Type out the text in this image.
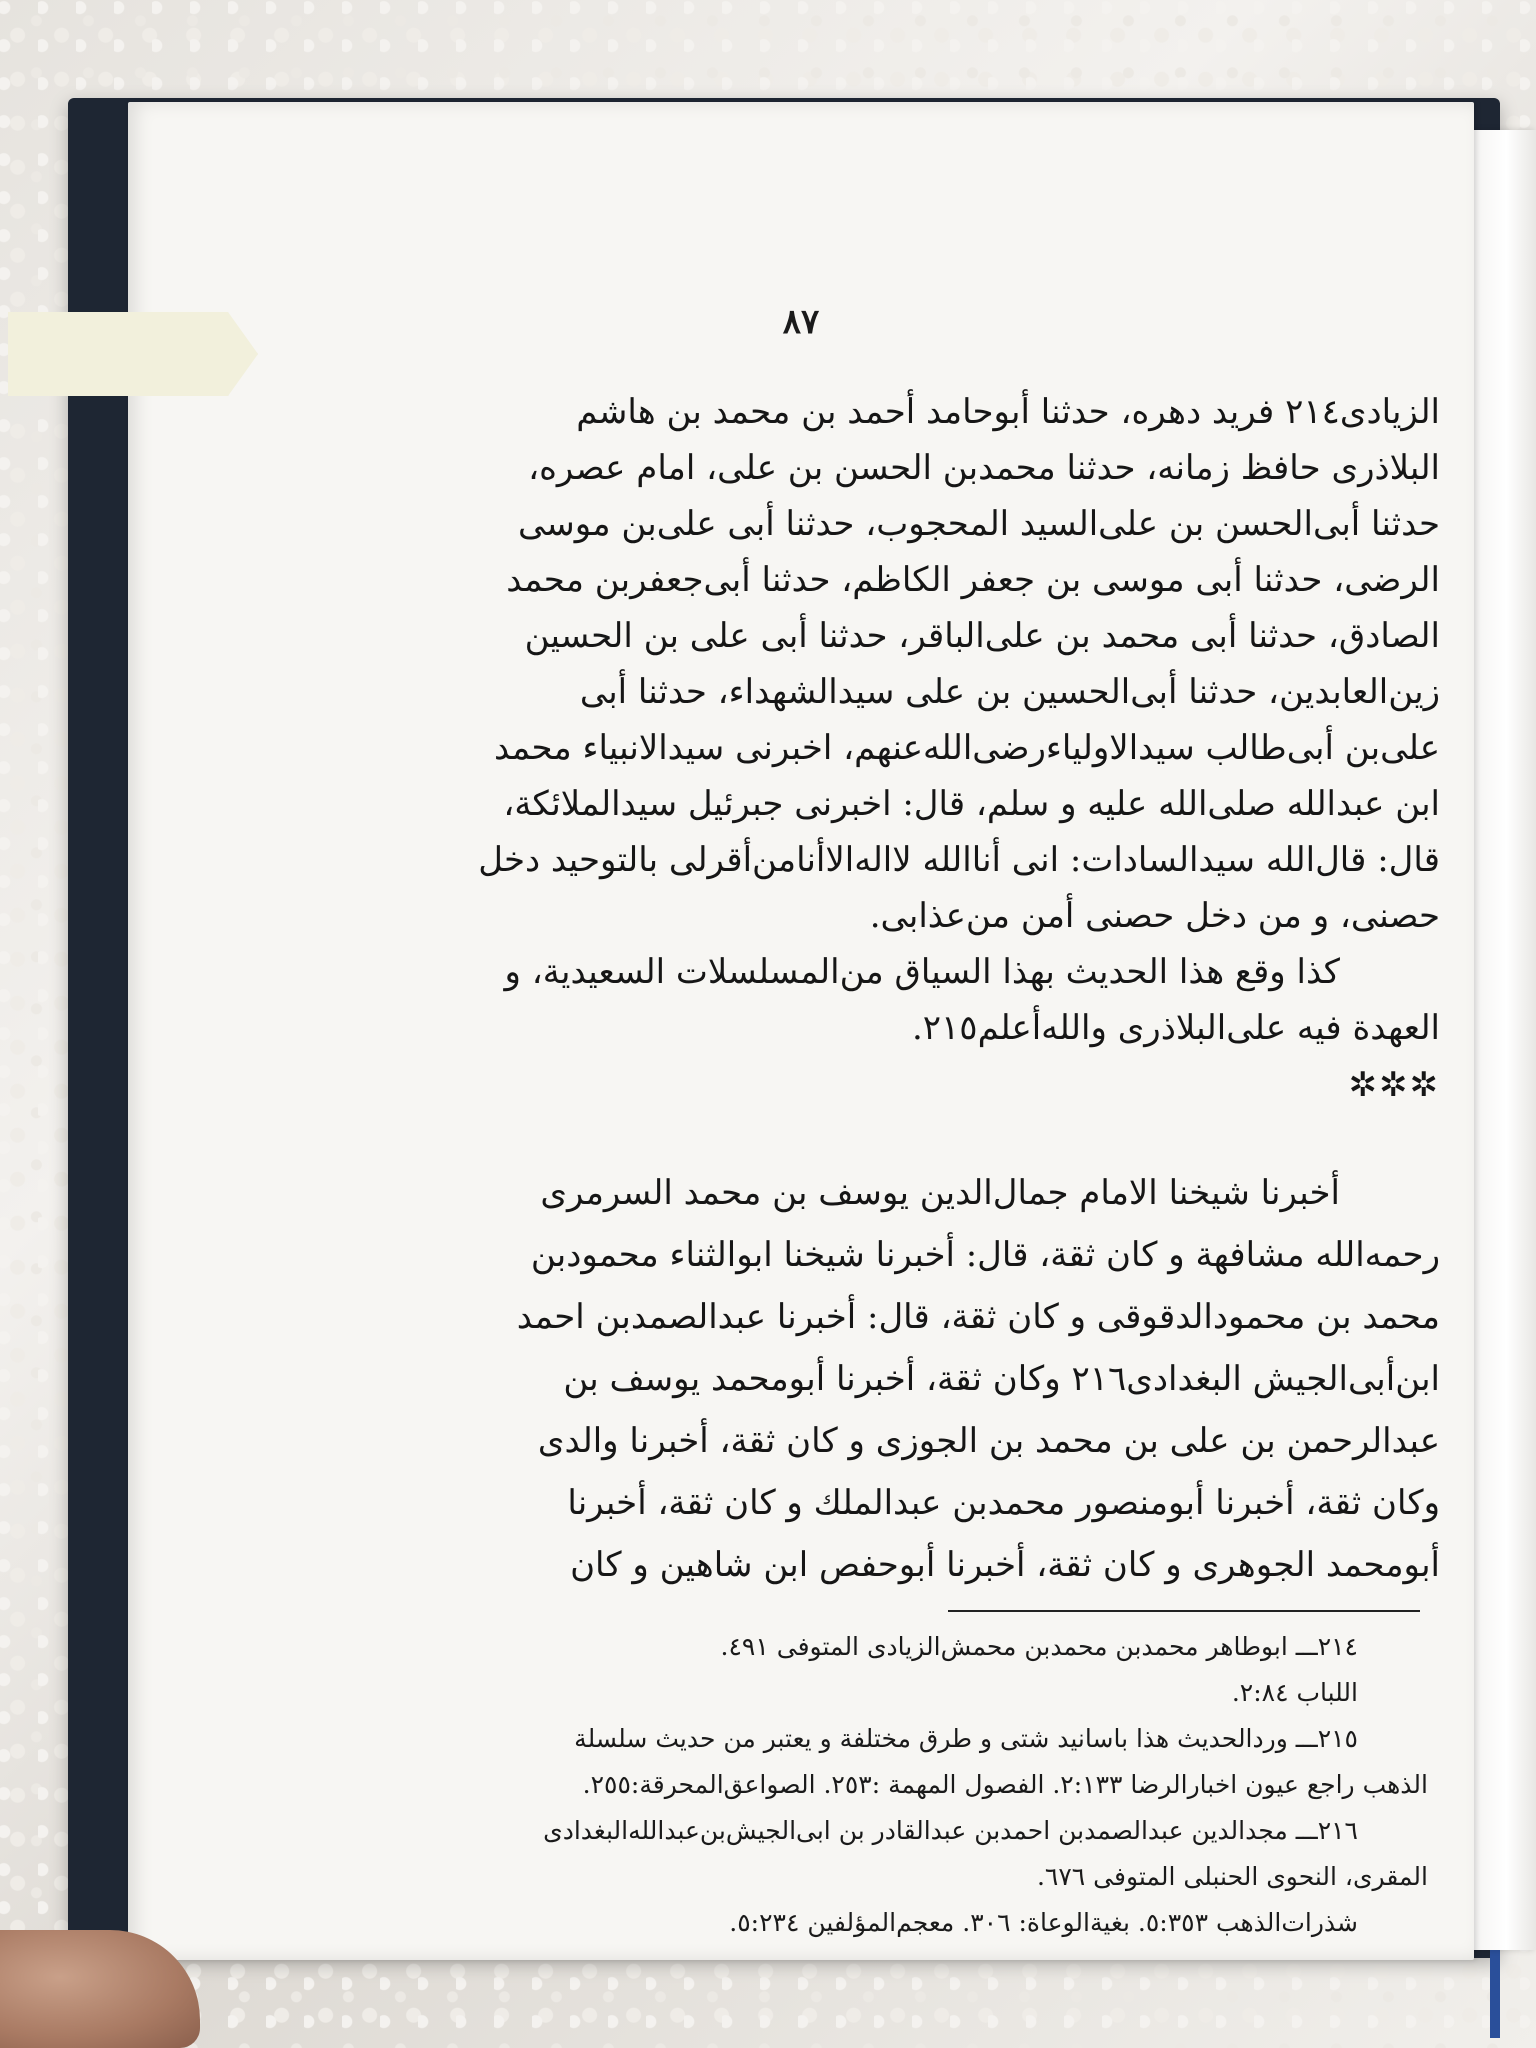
٨٧
الزيادى٢١٤ فريد دهره، حدثنا أبوحامد أحمد بن محمد بن هاشم
البلاذرى حافظ زمانه، حدثنا محمدبن الحسن بن على، امام عصره،
حدثنا أبى‌الحسن بن على‌السيد المحجوب، حدثنا أبى على‌بن موسى
الرضى، حدثنا أبى موسى بن جعفر الكاظم، حدثنا أبى‌جعفربن محمد
الصادق، حدثنا أبى محمد بن على‌الباقر، حدثنا أبى على بن الحسين
زين‌العابدين، حدثنا أبى‌الحسين بن على سيدالشهداء، حدثنا أبى
على‌بن أبى‌طالب سيدالاولياء‌رضى‌الله‌عنهم، اخبرنى سيدالانبياء محمد
ابن عبدالله صلى‌الله عليه و سلم، قال: اخبرنى جبرئيل سيدالملائكة،
قال: قال‌الله سيدالسادات: انى أناالله لااله‌الاأنامن‌أقرلى بالتوحيد دخل
حصنى، و من دخل حصنى أمن من‌عذابى.
كذا وقع هذا الحديث بهذا السياق من‌المسلسلات السعيدية، و
العهدة فيه على‌البلاذرى والله‌أعلم٢١٥.
✲✲✲
أخبرنا شيخنا الامام جمال‌الدين يوسف بن محمد السرمرى
رحمه‌الله مشافهة و كان ثقة، قال: أخبرنا شيخنا ابوالثناء محمودبن
محمد بن محمودالدقوقى و كان ثقة، قال: أخبرنا عبدالصمدبن احمد
ابن‌أبى‌الجيش البغدادى٢١٦ وكان ثقة، أخبرنا أبومحمد يوسف بن
عبدالرحمن بن على بن محمد بن الجوزى و كان ثقة، أخبرنا والدى
وكان ثقة، أخبرنا أبومنصور محمدبن عبدالملك و كان ثقة، أخبرنا
أبومحمد الجوهرى و كان ثقة، أخبرنا أبوحفص ابن شاهين و كان
٢١٤ـــ ابوطاهر محمدبن محمدبن محمش‌الزيادى المتوفى ٤٩١.
اللباب ٢:٨٤.
٢١٥ـــ وردالحديث هذا باسانيد شتى و طرق مختلفة و يعتبر من حديث سلسلة
الذهب راجع عيون اخبارالرضا ٢:١٣٣. الفصول المهمة :٢٥٣. الصواعق‌المحرقة:٢٥٥.
٢١٦ـــ مجدالدين عبدالصمدبن احمدبن عبدالقادر بن ابى‌الجيش‌بن‌عبدالله‌البغدادى
المقرى، النحوى الحنبلى المتوفى ٦٧٦.
شذرات‌الذهب ٥:٣٥٣. بغية‌الوعاة: ٣٠٦. معجم‌المؤلفين ٥:٢٣٤.
